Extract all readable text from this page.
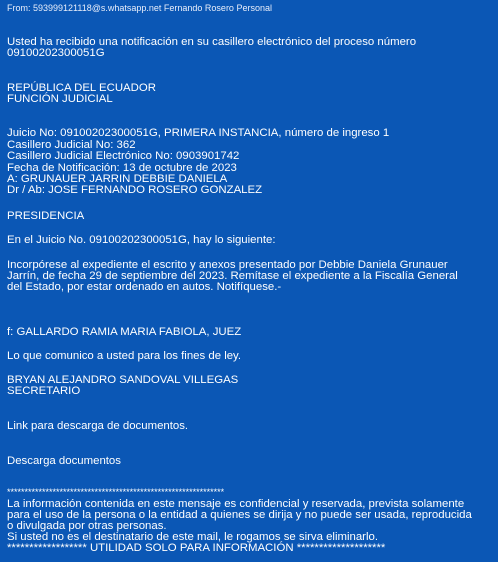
From: 593999121118@s.whatsapp.net Fernando Rosero Personal
Usted ha recibido una notificación en su casillero electrónico del proceso número
09100202300051G
REPÚBLICA DEL ECUADOR
FUNCIÓN JUDICIAL
Juicio No: 09100202300051G, PRIMERA INSTANCIA, número de ingreso 1
Casillero Judicial No: 362
Casillero Judicial Electrónico No: 0903901742
Fecha de Notificación: 13 de octubre de 2023
A: GRUNAUER JARRIN DEBBIE DANIELA
Dr / Ab: JOSE FERNANDO ROSERO GONZALEZ
PRESIDENCIA
En el Juicio No. 09100202300051G, hay lo siguiente:
Incorpórese al expediente el escrito y anexos presentado por Debbie Daniela Grunauer
Jarrín, de fecha 29 de septiembre del 2023. Remítase el expediente a la Fiscalía General
del Estado, por estar ordenado en autos. Notifíquese.-
f: GALLARDO RAMIA MARIA FABIOLA, JUEZ
Lo que comunico a usted para los fines de ley.
BRYAN ALEJANDRO SANDOVAL VILLEGAS
SECRETARIO
Link para descarga de documentos.
Descarga documentos
**************************************************************
La información contenida en este mensaje es confidencial y reservada, prevista solamente
para el uso de la persona o la entidad a quienes se dirija y no puede ser usada, reproducida
o divulgada por otras personas.
Si usted no es el destinatario de este mail, le rogamos se sirva eliminarlo.
****************** UTILIDAD SOLO PARA INFORMACIÓN ********************
